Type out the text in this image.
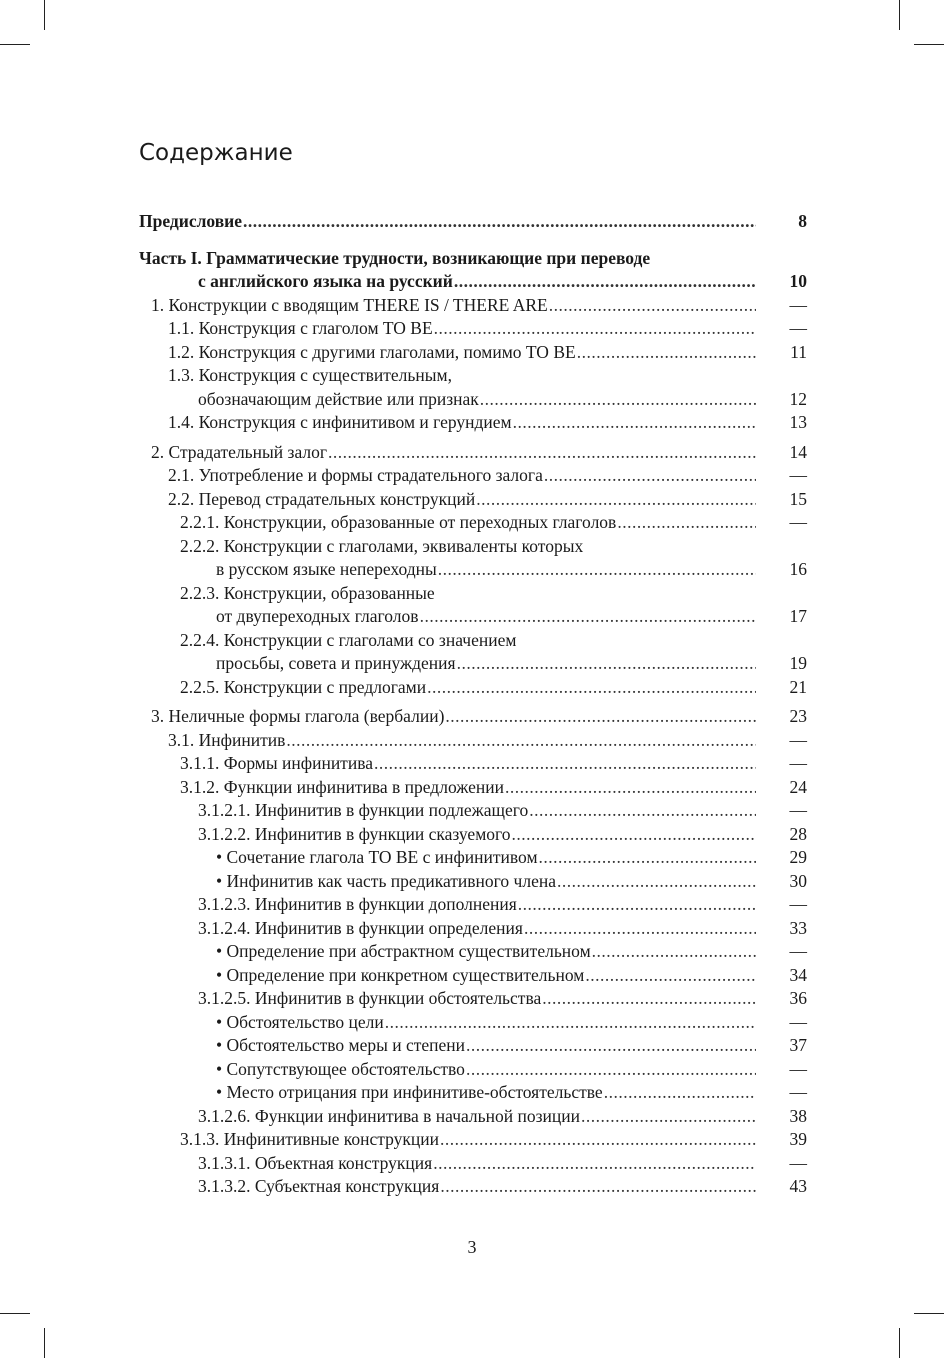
Содержание
Предисловие .....	8
Часть I. Грамматические трудности, возникающие при переводе
с английского языка на русский .....	10
1. Конструкции с вводящим THERE IS / THERE ARE .....	—
1.1. Конструкция с глаголом TO BE .....	—
1.2. Конструкция с другими глаголами, помимо TO BE .....	11
1.3. Конструкция с существительным,
обозначающим действие или признак .....	12
1.4. Конструкция с инфинитивом и герундием .....	13
2. Страдательный залог .....	14
2.1. Употребление и формы страдательного залога .....	—
2.2. Перевод страдательных конструкций .....	15
2.2.1. Конструкции, образованные от переходных глаголов .....	—
2.2.2. Конструкции с глаголами, эквиваленты которых
в русском языке непереходны .....	16
2.2.3. Конструкции, образованные
от двупереходных глаголов .....	17
2.2.4. Конструкции с глаголами со значением
просьбы, совета и принуждения .....	19
2.2.5. Конструкции с предлогами .....	21
3. Неличные формы глагола (вербалии) .....	23
3.1. Инфинитив .....	—
3.1.1. Формы инфинитива .....	—
3.1.2. Функции инфинитива в предложении .....	24
3.1.2.1. Инфинитив в функции подлежащего .....	—
3.1.2.2. Инфинитив в функции сказуемого .....	28
• Сочетание глагола TO BE с инфинитивом .....	29
• Инфинитив как часть предикативного члена .....	30
3.1.2.3. Инфинитив в функции дополнения .....	—
3.1.2.4. Инфинитив в функции определения .....	33
• Определение при абстрактном существительном .....	—
• Определение при конкретном существительном .....	34
3.1.2.5. Инфинитив в функции обстоятельства .....	36
• Обстоятельство цели .....	—
• Обстоятельство меры и степени .....	37
• Сопутствующее обстоятельство .....	—
• Место отрицания при инфинитиве-обстоятельстве .....	—
3.1.2.6. Функции инфинитива в начальной позиции .....	38
3.1.3. Инфинитивные конструкции .....	39
3.1.3.1. Объектная конструкция .....	—
3.1.3.2. Субъектная конструкция .....	43
3
